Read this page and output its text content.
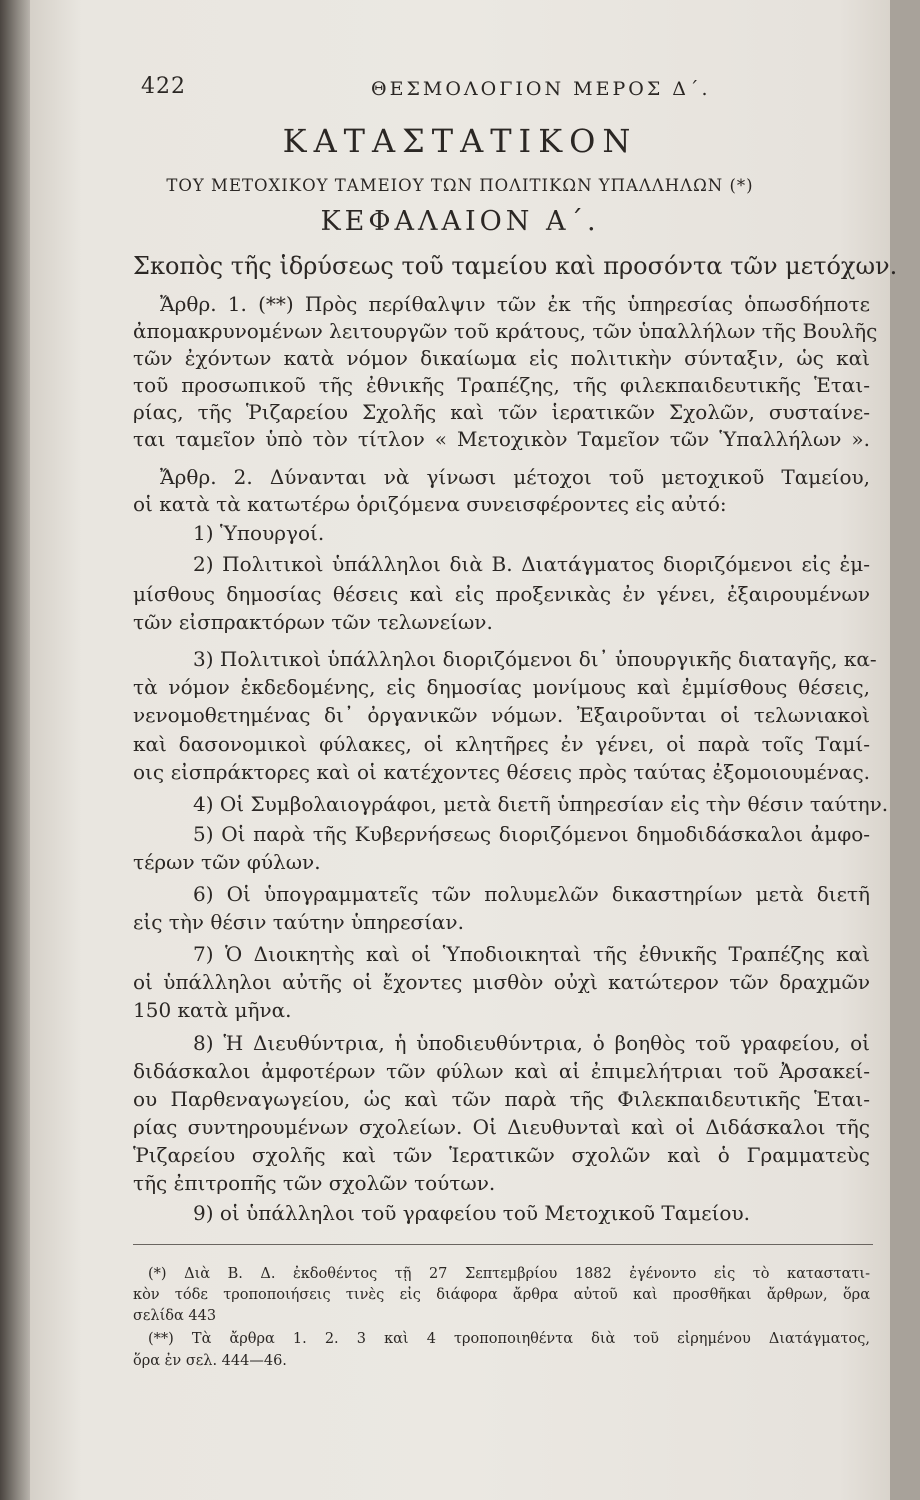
422	ΘΕΣΜΟΛΟΓΙΟΝ ΜΕΡΟΣ Δ΄.
ΚΑΤΑΣΤΑΤΙΚΟΝ
ΤΟΥ ΜΕΤΟΧΙΚΟΥ ΤΑΜΕΙΟΥ ΤΩΝ ΠΟΛΙΤΙΚΩΝ ΥΠΑΛΛΗΛΩΝ (*)
ΚΕΦΑΛΑΙΟΝ Α΄.
Σκοπὸς τῆς ἱδρύσεως τοῦ ταμείου καὶ προσόντα τῶν μετόχων.
Ἄρθρ. 1. (**) Πρὸς περίθαλψιν τῶν ἐκ τῆς ὑπηρεσίας ὁπωσδήποτε
ἀπομακρυνομένων λειτουργῶν τοῦ κράτους, τῶν ὑπαλλήλων τῆς Βουλῆς
τῶν ἐχόντων κατὰ νόμον δικαίωμα εἰς πολιτικὴν σύνταξιν, ὡς καὶ
τοῦ προσωπικοῦ τῆς ἐθνικῆς Τραπέζης, τῆς φιλεκπαιδευτικῆς Ἑται-
ρίας, τῆς Ῥιζαρείου Σχολῆς καὶ τῶν ἱερατικῶν Σχολῶν, συσταίνε-
ται ταμεῖον ὑπὸ τὸν τίτλον « Μετοχικὸν Ταμεῖον τῶν Ὑπαλλήλων ».
Ἄρθρ. 2. Δύνανται νὰ γίνωσι μέτοχοι τοῦ μετοχικοῦ Ταμείου,
οἱ κατὰ τὰ κατωτέρω ὁριζόμενα συνεισφέροντες εἰς αὐτό:
1) Ὑπουργοί.
2) Πολιτικοὶ ὑπάλληλοι διὰ Β. Διατάγματος διοριζόμενοι εἰς ἐμ-
μίσθους δημοσίας θέσεις καὶ εἰς προξενικὰς ἐν γένει, ἐξαιρουμένων
τῶν εἰσπρακτόρων τῶν τελωνείων.
3) Πολιτικοὶ ὑπάλληλοι διοριζόμενοι δι᾽ ὑπουργικῆς διαταγῆς, κα-
τὰ νόμον ἐκδεδομένης, εἰς δημοσίας μονίμους καὶ ἐμμίσθους θέσεις,
νενομοθετημένας δι᾽ ὀργανικῶν νόμων. Ἐξαιροῦνται οἱ τελωνιακοὶ
καὶ δασονομικοὶ φύλακες, οἱ κλητῆρες ἐν γένει, οἱ παρὰ τοῖς Ταμί-
οις εἰσπράκτορες καὶ οἱ κατέχοντες θέσεις πρὸς ταύτας ἐξομοιουμένας.
4) Οἱ Συμβολαιογράφοι, μετὰ διετῆ ὑπηρεσίαν εἰς τὴν θέσιν ταύτην.
5) Οἱ παρὰ τῆς Κυβερνήσεως διοριζόμενοι δημοδιδάσκαλοι ἀμφο-
τέρων τῶν φύλων.
6) Οἱ ὑπογραμματεῖς τῶν πολυμελῶν δικαστηρίων μετὰ διετῆ
εἰς τὴν θέσιν ταύτην ὑπηρεσίαν.
7) Ὁ Διοικητὴς καὶ οἱ Ὑποδιοικηταὶ τῆς ἐθνικῆς Τραπέζης καὶ
οἱ ὑπάλληλοι αὐτῆς οἱ ἔχοντες μισθὸν οὐχὶ κατώτερον τῶν δραχμῶν
150 κατὰ μῆνα.
8) Ἡ Διευθύντρια, ἡ ὑποδιευθύντρια, ὁ βοηθὸς τοῦ γραφείου, οἱ
διδάσκαλοι ἀμφοτέρων τῶν φύλων καὶ αἱ ἐπιμελήτριαι τοῦ Ἀρσακεί-
ου Παρθεναγωγείου, ὡς καὶ τῶν παρὰ τῆς Φιλεκπαιδευτικῆς Ἑται-
ρίας συντηρουμένων σχολείων. Οἱ Διευθυνταὶ καὶ οἱ Διδάσκαλοι τῆς
Ῥιζαρείου σχολῆς καὶ τῶν Ἱερατικῶν σχολῶν καὶ ὁ Γραμματεὺς
τῆς ἐπιτροπῆς τῶν σχολῶν τούτων.
9) οἱ ὑπάλληλοι τοῦ γραφείου τοῦ Μετοχικοῦ Ταμείου.
(*) Διὰ Β. Δ. ἐκδοθέντος τῇ 27 Σεπτεμβρίου 1882 ἐγένοντο εἰς τὸ καταστατι-
κὸν τόδε τροποποιήσεις τινὲς εἰς διάφορα ἄρθρα αὐτοῦ καὶ προσθῆκαι ἄρθρων, ὅρα
σελίδα 443
(**) Τὰ ἄρθρα 1. 2. 3 καὶ 4 τροποποιηθέντα διὰ τοῦ εἰρημένου Διατάγματος,
ὅρα ἐν σελ. 444—46.
